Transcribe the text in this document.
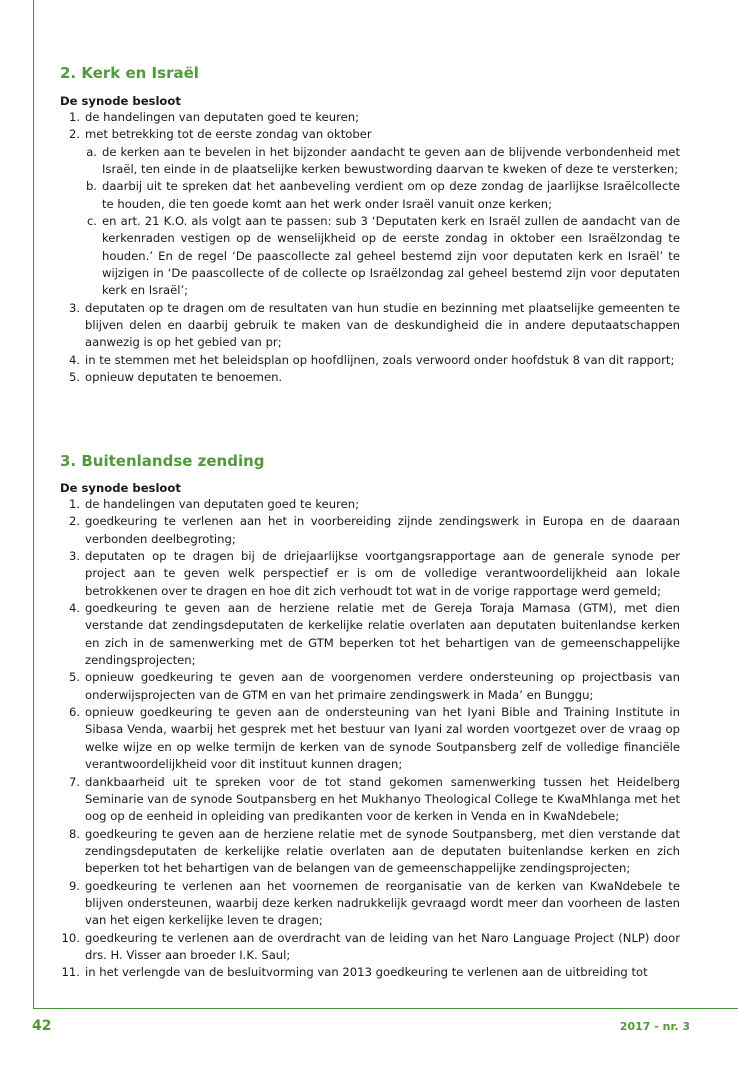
2. Kerk en Israël
De synode besloot
1. de handelingen van deputaten goed te keuren;
2. met betrekking tot de eerste zondag van oktober
a. de kerken aan te bevelen in het bijzonder aandacht te geven aan de blijvende verbondenheid met Israël, ten einde in de plaatselijke kerken bewustwording daarvan te kweken of deze te versterken;
b. daarbij uit te spreken dat het aanbeveling verdient om op deze zondag de jaarlijkse Israëlcollecte te houden, die ten goede komt aan het werk onder Israël vanuit onze kerken;
c. en art. 21 K.O. als volgt aan te passen: sub 3 ‘Deputaten kerk en Israël zullen de aandacht van de kerkenraden vestigen op de wenselijkheid op de eerste zondag in oktober een Israëlzondag te houden.’ En de regel ‘De paascollecte zal geheel bestemd zijn voor deputaten kerk en Israël’ te wijzigen in ‘De paascollecte of de collecte op Israëlzondag zal geheel bestemd zijn voor deputaten kerk en Israël’;
3. deputaten op te dragen om de resultaten van hun studie en bezinning met plaatselijke gemeenten te blijven delen en daarbij gebruik te maken van de deskundigheid die in andere deputaatschappen aanwezig is op het gebied van pr;
4. in te stemmen met het beleidsplan op hoofdlijnen, zoals verwoord onder hoofdstuk 8 van dit rapport;
5. opnieuw deputaten te benoemen.
3. Buitenlandse zending
De synode besloot
1. de handelingen van deputaten goed te keuren;
2. goedkeuring te verlenen aan het in voorbereiding zijnde zendingswerk in Europa en de daaraan verbonden deelbegroting;
3. deputaten op te dragen bij de driejaarlijkse voortgangsrapportage aan de generale synode per project aan te geven welk perspectief er is om de volledige verantwoordelijkheid aan lokale betrokkenen over te dragen en hoe dit zich verhoudt tot wat in de vorige rapportage werd gemeld;
4. goedkeuring te geven aan de herziene relatie met de Gereja Toraja Mamasa (GTM), met dien verstande dat zendingsdeputaten de kerkelijke relatie overlaten aan deputaten buitenlandse kerken en zich in de samenwerking met de GTM beperken tot het behartigen van de gemeenschappelijke zendingsprojecten;
5. opnieuw goedkeuring te geven aan de voorgenomen verdere ondersteuning op projectbasis van onderwijsprojecten van de GTM en van het primaire zendingswerk in Mada’ en Bunggu;
6. opnieuw goedkeuring te geven aan de ondersteuning van het Iyani Bible and Training Institute in Sibasa Venda, waarbij het gesprek met het bestuur van Iyani zal worden voortgezet over de vraag op welke wijze en op welke termijn de kerken van de synode Soutpansberg zelf de volledige financiële verantwoordelijkheid voor dit instituut kunnen dragen;
7. dankbaarheid uit te spreken voor de tot stand gekomen samenwerking tussen het Heidelberg Seminarie van de synode Soutpansberg en het Mukhanyo Theological College te KwaMhlanga met het oog op de eenheid in opleiding van predikanten voor de kerken in Venda en in KwaNdebele;
8. goedkeuring te geven aan de herziene relatie met de synode Soutpansberg, met dien verstande dat zendingsdeputaten de kerkelijke relatie overlaten aan de deputaten buitenlandse kerken en zich beperken tot het behartigen van de belangen van de gemeenschappelijke zendingsprojecten;
9. goedkeuring te verlenen aan het voornemen de reorganisatie van de kerken van KwaNdebele te blijven ondersteunen, waarbij deze kerken nadrukkelijk gevraagd wordt meer dan voorheen de lasten van het eigen kerkelijke leven te dragen;
10. goedkeuring te verlenen aan de overdracht van de leiding van het Naro Language Project (NLP) door drs. H. Visser aan broeder I.K. Saul;
11. in het verlengde van de besluitvorming van 2013 goedkeuring te verlenen aan de uitbreiding tot
42	2017 - nr. 3
